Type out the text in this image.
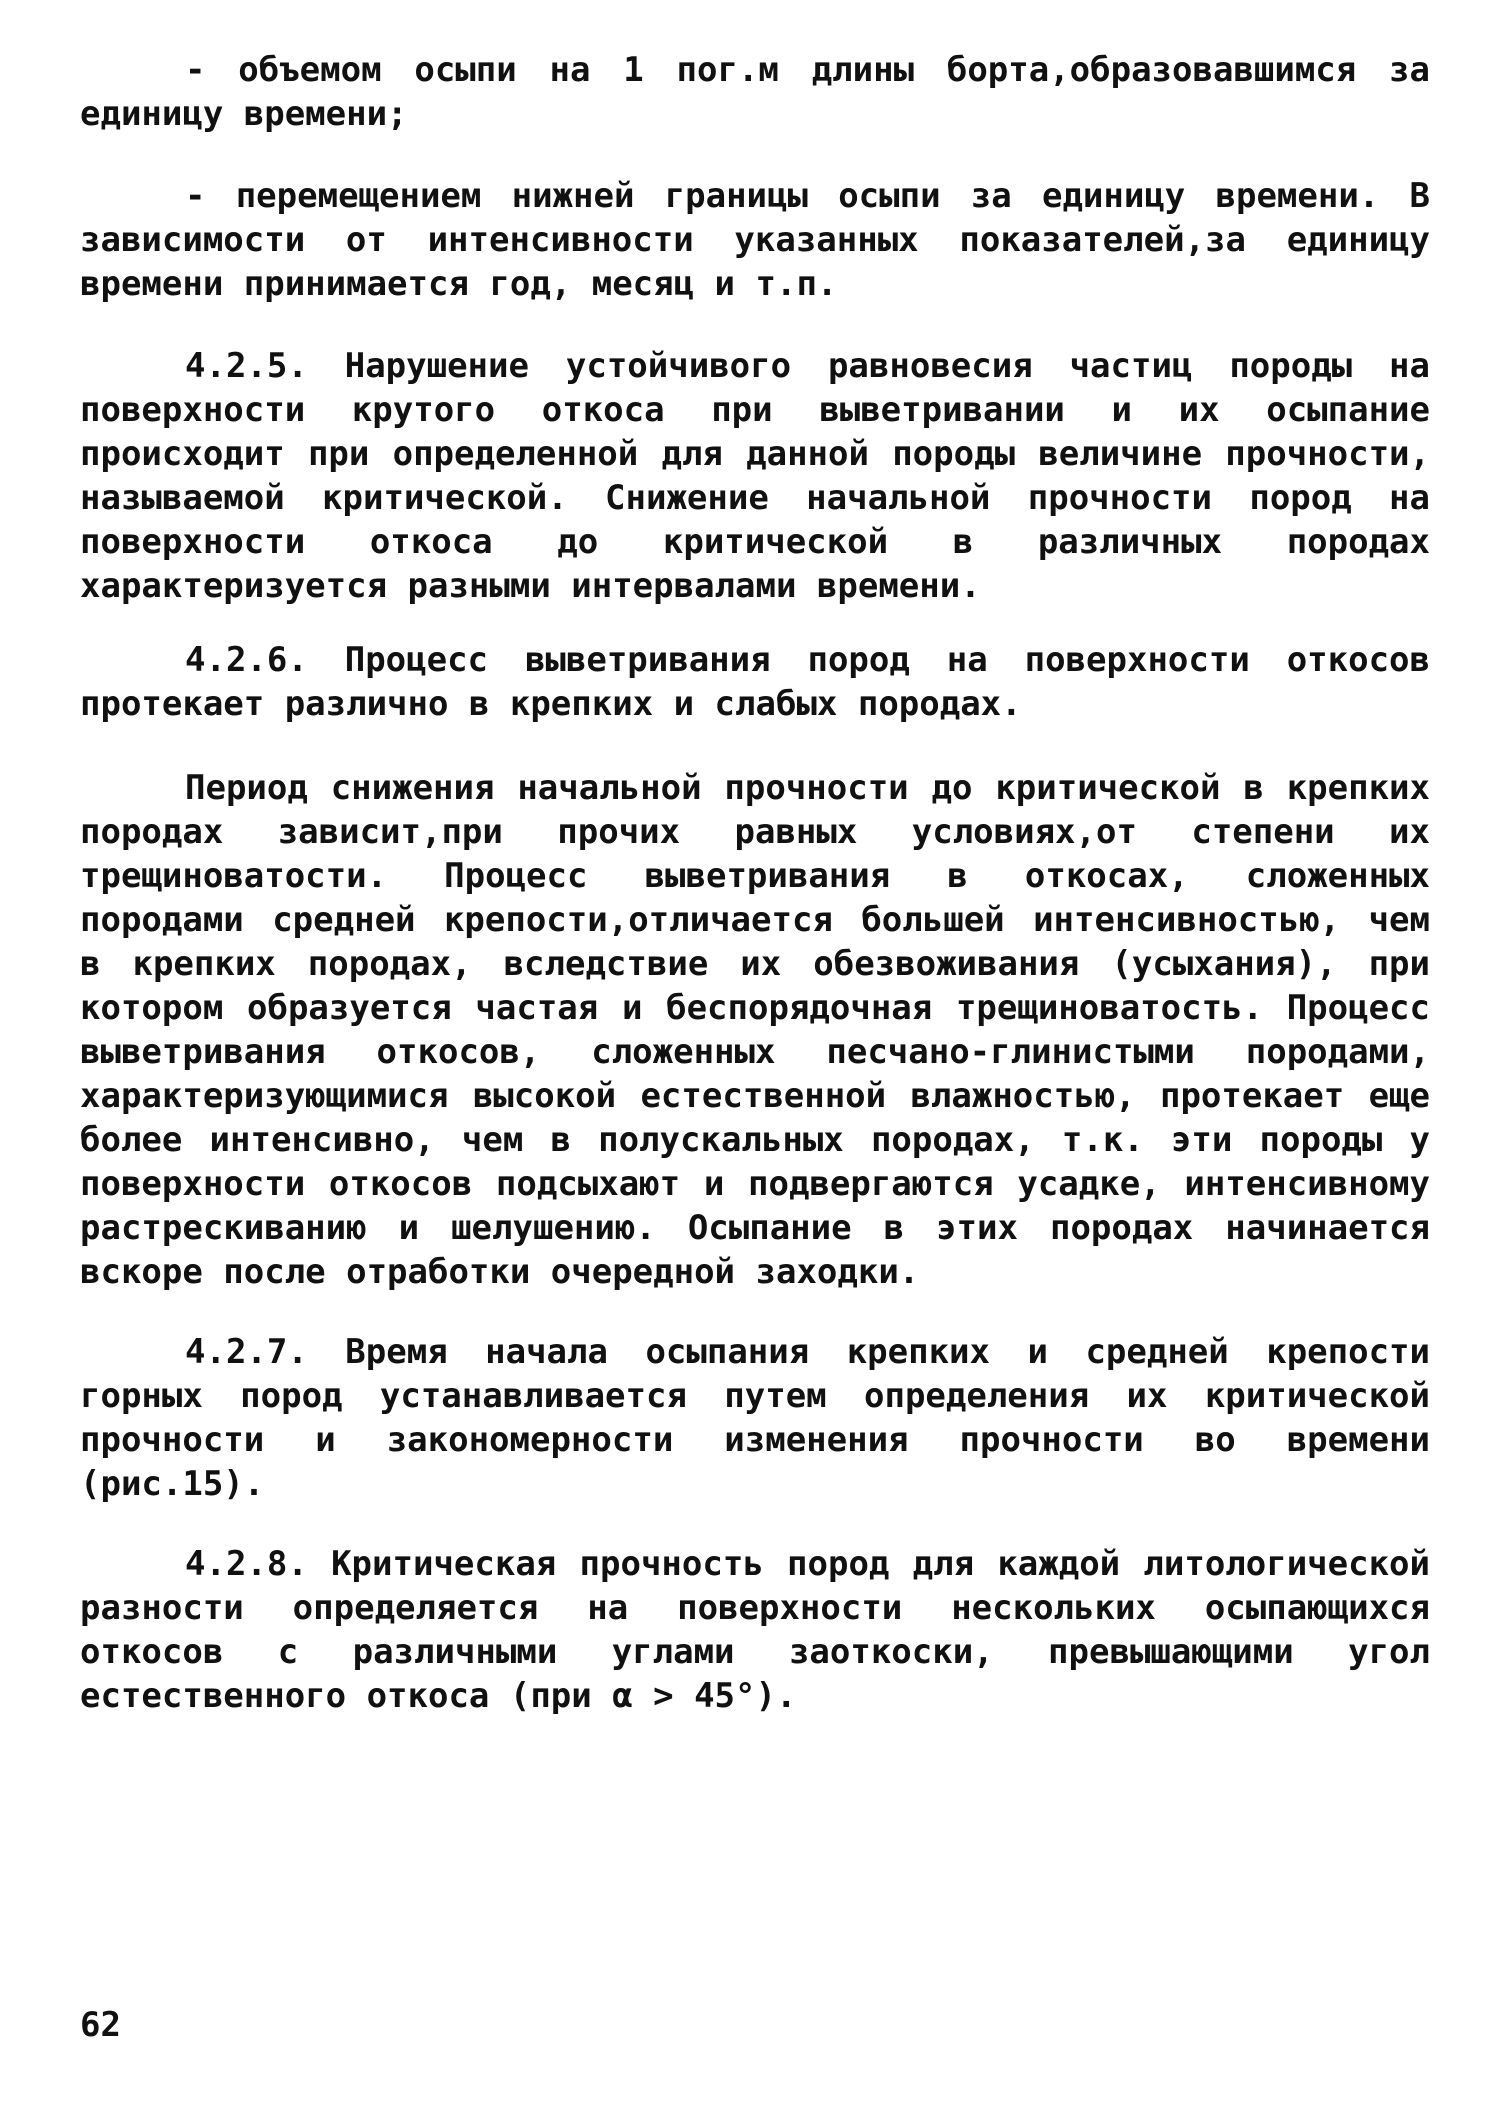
- объемом осыпи на 1 пог.м длины борта,образовавшимся за единицу времени;

- перемещением нижней границы осыпи за единицу времени. В зависимости от интенсивности указанных показателей,за единицу времени принимается год, месяц и т.п.

4.2.5. Нарушение устойчивого равновесия частиц породы на поверхности крутого откоса при выветривании и их осыпание происходит при определенной для данной породы величине прочности, называемой критической. Снижение начальной прочности пород на поверхности откоса до критической в различных породах характеризуется разными интервалами времени.

4.2.6. Процесс выветривания пород на поверхности откосов протекает различно в крепких и слабых породах.

Период снижения начальной прочности до критической в крепких породах зависит,при прочих равных условиях,от степени их трещиноватости. Процесс выветривания в откосах, сложенных породами средней крепости,отличается большей интенсивностью, чем в крепких породах, вследствие их обезвоживания (усыхания), при котором образуется частая и беспорядочная трещиноватость. Процесс выветривания откосов, сложенных песчано-глинистыми породами, характеризующимися высокой естественной влажностью, протекает еще более интенсивно, чем в полускальных породах, т.к. эти породы у поверхности откосов подсыхают и подвергаются усадке, интенсивному растрескиванию и шелушению. Осыпание в этих породах начинается вскоре после отработки очередной заходки.

4.2.7. Время начала осыпания крепких и средней крепости горных пород устанавливается путем определения их критической прочности и закономерности изменения прочности во времени (рис.15).

4.2.8. Критическая прочность пород для каждой литологической разности определяется на поверхности нескольких осыпающихся откосов с различными углами заоткоски, превышающими угол естественного откоса (при α > 45°).

62
